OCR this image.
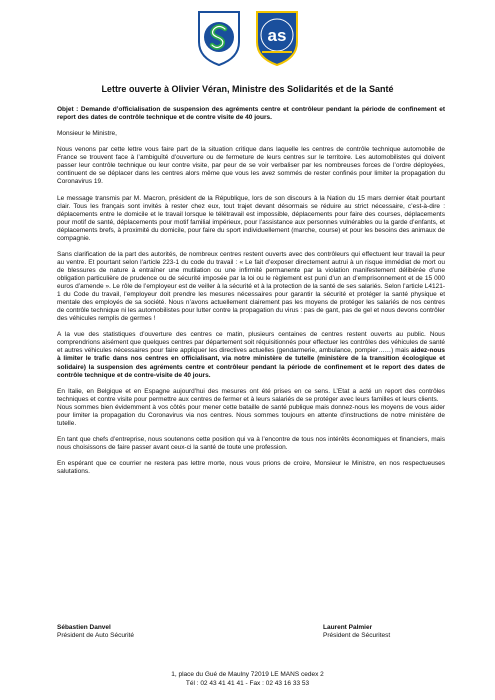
as
Lettre ouverte à Olivier Véran, Ministre des Solidarités et de la Santé

Objet : Demande d’officialisation de suspension des agréments centre et contrôleur pendant la période de confinement et report des dates de contrôle technique et de contre visite de 40 jours.

Monsieur le Ministre,

Nous venons par cette lettre vous faire part de la situation critique dans laquelle les centres de contrôle technique automobile de France se trouvent face à l’ambiguïté d’ouverture ou de fermeture de leurs centres sur le territoire. Les automobilistes qui doivent passer leur contrôle technique ou leur contre visite, par peur de se voir verbaliser par les nombreuses forces de l’ordre déployées, continuent de se déplacer dans les centres alors même que vous les avez sommés de rester confinés pour limiter la propagation du Coronavirus 19.

Le message transmis par M. Macron, président de la République, lors de son discours à la Nation du 15 mars dernier était pourtant clair. Tous les français sont invités à rester chez eux, tout trajet devant désormais se réduire au strict nécessaire, c’est-à-dire : déplacements entre le domicile et le travail lorsque le télétravail est impossible, déplacements pour faire des courses, déplacements pour motif de santé, déplacements pour motif familial impérieux, pour l’assistance aux personnes vulnérables ou la garde d’enfants, et déplacements brefs, à proximité du domicile, pour faire du sport individuellement (marche, course) et pour les besoins des animaux de compagnie.

Sans clarification de la part des autorités, de nombreux centres restent ouverts avec des contrôleurs qui effectuent leur travail la peur au ventre. Et pourtant selon l’article 223-1 du code du travail : « Le fait d’exposer directement autrui à un risque immédiat de mort ou de blessures de nature à entraîner une mutilation ou une infirmité permanente par la violation manifestement délibérée d’une obligation particulière de prudence ou de sécurité imposée par la loi ou le règlement est puni d’un an d’emprisonnement et de 15 000 euros d’amende ». Le rôle de l’employeur est de veiller à la sécurité et à la protection de la santé de ses salariés. Selon l’article L4121-1 du Code du travail, l’employeur doit prendre les mesures nécessaires pour garantir la sécurité et protéger la santé physique et mentale des employés de sa société. Nous n’avons actuellement clairement pas les moyens de protéger les salariés de nos centres de contrôle technique ni les automobilistes pour lutter contre la propagation du virus : pas de gant, pas de gel et nous devons contrôler des véhicules remplis de germes !

A la vue des statistiques d’ouverture des centres ce matin, plusieurs centaines de centres restent ouverts au public. Nous comprendrions aisément que quelques centres par département soit réquisitionnés pour effectuer les contrôles des véhicules de santé et autres véhicules nécessaires pour faire appliquer les directives actuelles (gendarmerie, ambulance, pompier……) mais aidez-nous à limiter le trafic dans nos centres en officialisant, via notre ministère de tutelle (ministère de la transition écologique et solidaire) la suspension des agréments centre et contrôleur pendant la période de confinement et le report des dates de contrôle technique et de contre-visite de 40 jours.

En Italie, en Belgique et en Espagne aujourd’hui des mesures ont été prises en ce sens. L’Etat a acté un report des contrôles techniques et contre visite pour permettre aux centres de fermer et à leurs salariés de se protéger avec leurs familles et leurs clients.
Nous sommes bien évidemment à vos côtés pour mener cette bataille de santé publique mais donnez-nous les moyens de vous aider pour limiter la propagation du Coronavirus via nos centres. Nous sommes toujours en attente d’instructions de notre ministère de tutelle.

En tant que chefs d’entreprise, nous soutenons cette position qui va à l’encontre de tous nos intérêts économiques et financiers, mais nous choisissons de faire passer avant ceux-ci la santé de toute une profession.

En espérant que ce courrier ne restera pas lettre morte, nous vous prions de croire, Monsieur le Ministre, en nos respectueuses salutations.

Sébastien Danvel
Président de Auto Sécurité
Laurent Palmier
Président de Sécuritest
1, place du Gué de Maulny 72019 LE MANS cedex 2
Tél : 02 43 41 41 41 - Fax : 02 43 16 33 53
